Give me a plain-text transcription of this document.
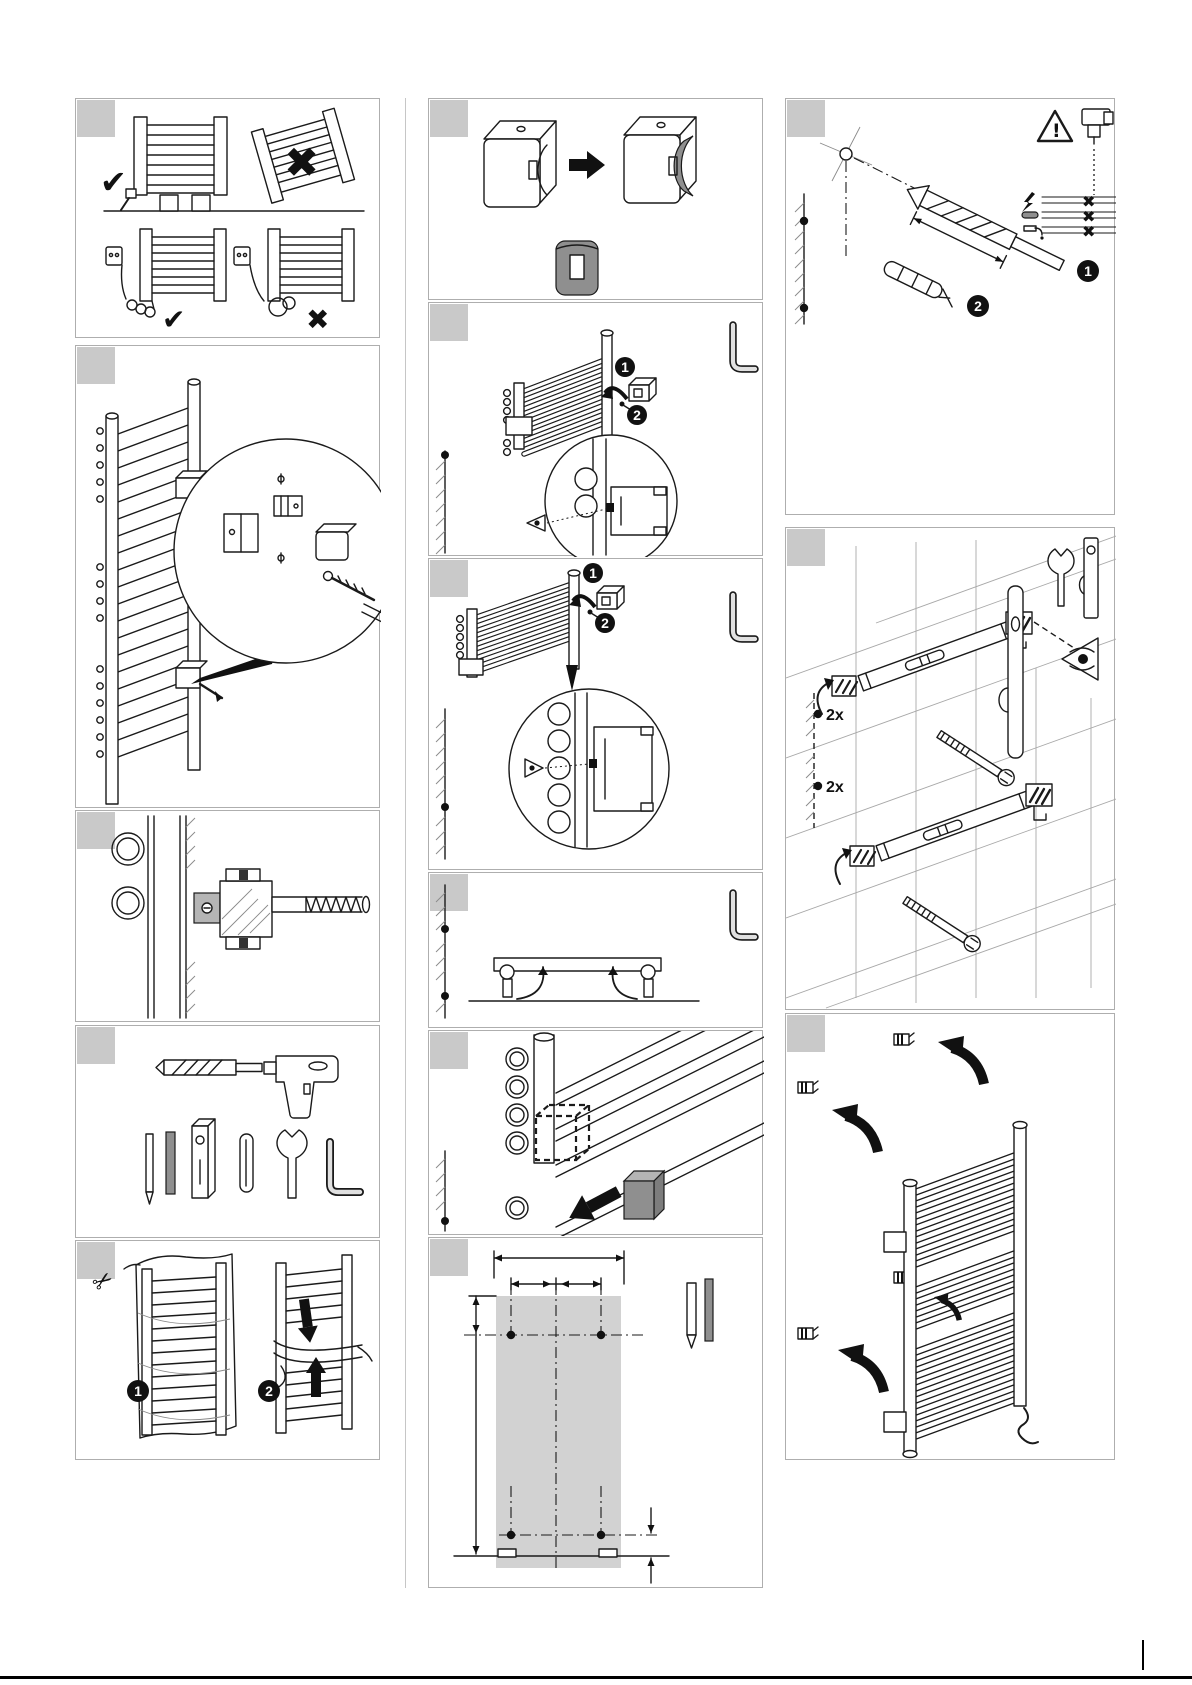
✔	✖
✔	✖
✂
1	2
1
2
1
2
1
2
!
✖
✖
✖
2x
2x
